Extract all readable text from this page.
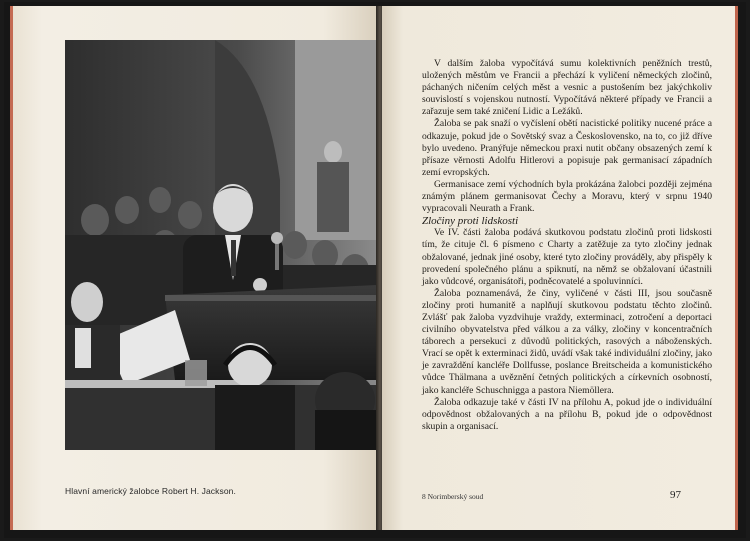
Hlavní americký žalobce Robert H. Jackson.

V dalším žaloba vypočítává sumu kolektivních peněžních trestů, uložených městům ve Francii a přechází k vyličení německých zločinů, páchaných ničením celých měst a vesnic a pustošením bez jakýchkoliv souvislostí s vojenskou nutností. Vypočítává některé případy ve Francii a zařazuje sem také zničení Lidic a Ležáků.

Žaloba se pak snaží o vyčíslení obětí nacistické politiky nucené práce a odkazuje, pokud jde o Sovětský svaz a Československo, na to, co již dříve bylo uvedeno. Pranýřuje německou praxi nutit občany obsazených zemí k přísaze věrnosti Adolfu Hitlerovi a popisuje pak germanisací západních zemí evropských.

Germanisace zemí východních byla prokázána žalobci později zejména známým plánem germanisovat Čechy a Moravu, který v srpnu 1940 vypracovali Neurath a Frank.

Zločiny proti lidskosti

Ve IV. části žaloba podává skutkovou podstatu zločinů proti lidskosti tím, že cituje čl. 6 písmeno c Charty a zatěžuje za tyto zločiny jednak obžalované, jednak jiné osoby, které tyto zločiny prováděly, aby přispěly k provedení společného plánu a spiknutí, na němž se obžalovaní účastnili jako vůdcové, organisátoři, podněcovatelé a spoluvinníci.

Žaloba poznamenává, že činy, vyličené v části III, jsou současně zločiny proti humanitě a naplňují skutkovou podstatu těchto zločinů. Zvlášť pak žaloba vyzdvihuje vraždy, exterminaci, zotročení a deportaci civilního obyvatelstva před válkou a za války, zločiny v koncentračních táborech a persekuci z důvodů politických, rasových a náboženských. Vrací se opět k exterminaci židů, uvádí však také individuální zločiny, jako je zavraždění kancléře Dollfusse, poslance Breitscheida a komunistického vůdce Thälmana a uvěznění četných politických a církevních osobností, jako kancléře Schuschnigga a pastora Niemöllera.

Žaloba odkazuje také v části IV na přílohu A, pokud jde o individuální odpovědnost obžalovaných a na přílohu B, pokud jde o odpovědnost skupin a organisací.

8 Norimberský soud	97
